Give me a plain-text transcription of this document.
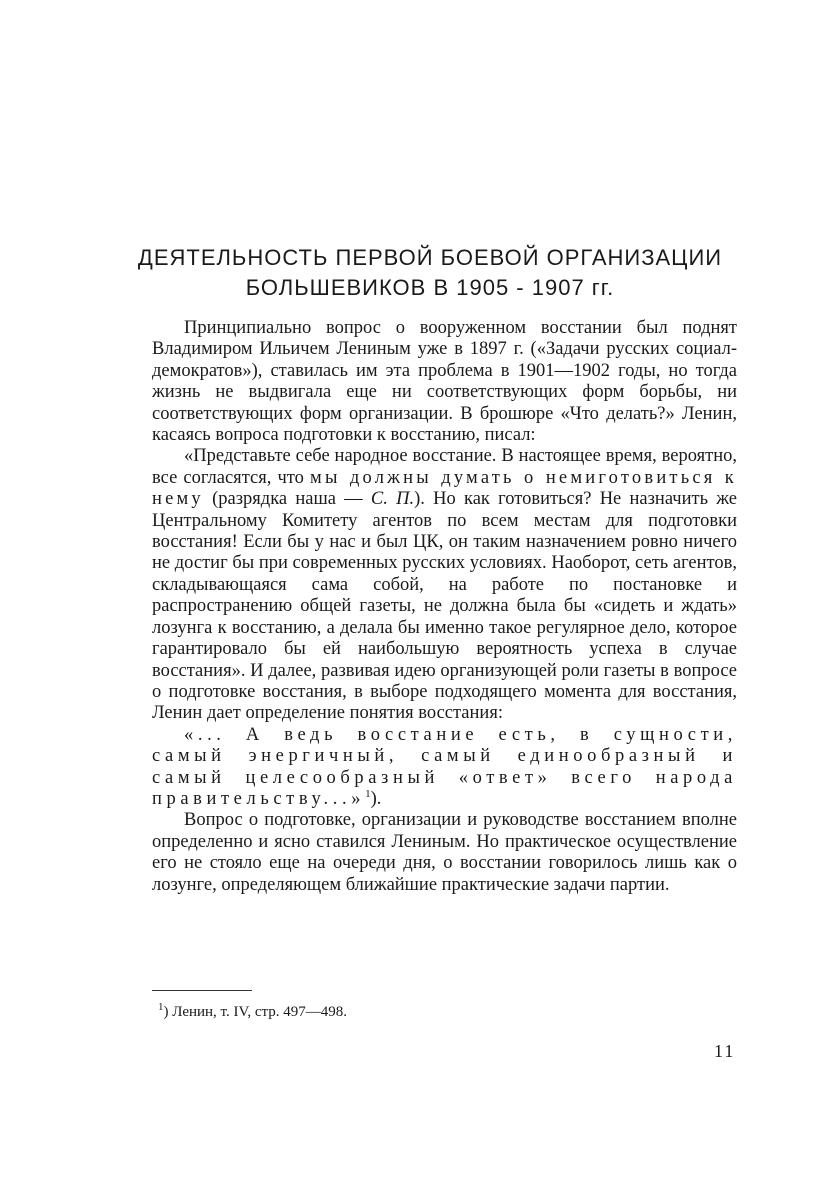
ДЕЯТЕЛЬНОСТЬ ПЕРВОЙ БОЕВОЙ ОРГАНИЗАЦИИ
БОЛЬШЕВИКОВ В 1905 - 1907 гг.

Принципиально вопрос о вооруженном восстании был поднят Владимиром Ильичем Лениным уже в 1897 г. («Задачи русских социал-демократов»), ставилась им эта проблема в 1901—1902 годы, но тогда жизнь не выдвигала еще ни соответствующих форм борьбы, ни соответствующих форм организации. В брошюре «Что делать?» Ленин, касаясь вопроса подготовки к восстанию, писал:

«Представьте себе народное восстание. В настоящее время, вероятно, все согласятся, что мы должны думать о немиготовиться к нему (разрядка наша — С. П.). Но как готовиться? Не назначить же Центральному Комитету агентов по всем местам для подготовки восстания! Если бы у нас и был ЦК, он таким назначением ровно ничего не достиг бы при современных русских условиях. Наоборот, сеть агентов, складывающаяся сама собой, на работе по постановке и распространению общей газеты, не должна была бы «сидеть и ждать» лозунга к восстанию, а делала бы именно такое регулярное дело, которое гарантировало бы ей наибольшую вероятность успеха в случае восстания». И далее, развивая идею организующей роли газеты в вопросе о подготовке восстания, в выборе подходящего момента для восстания, Ленин дает определение понятия восстания:

«... А ведь восстание есть, в сущности, самый энергичный, самый единообразный и самый целесообразный «ответ» всего народа правительству...»$^1$).

Вопрос о подготовке, организации и руководстве восстанием вполне определенно и ясно ставился Лениным. Но практическое осуществление его не стояло еще на очереди дня, о восстании говорилось лишь как о лозунге, определяющем ближайшие практические задачи партии.

$^1$) Ленин, т. IV, стр. 497—498.
11
